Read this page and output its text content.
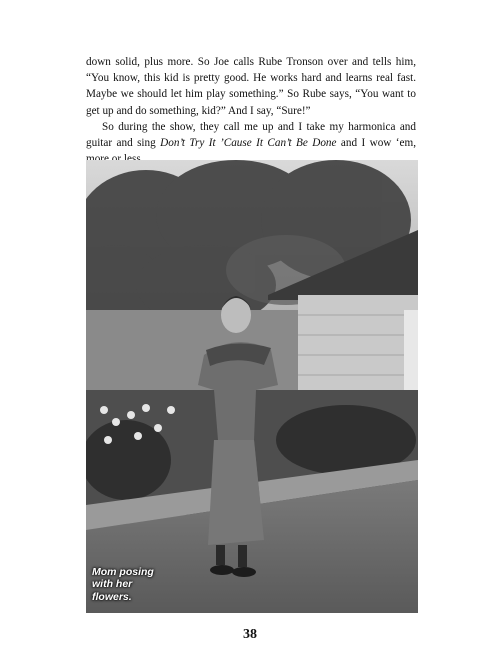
down solid, plus more. So Joe calls Rube Tronson over and tells him, “You know, this kid is pretty good. He works hard and learns real fast. Maybe we should let him play something.” So Rube says, “You want to get up and do something, kid?” And I say, “Sure!”

So during the show, they call me up and I take my harmonica and guitar and sing Don’t Try It ’Cause It Can’t Be Done and I wow ‘em,

Mom posing
with her
flowers.
38
